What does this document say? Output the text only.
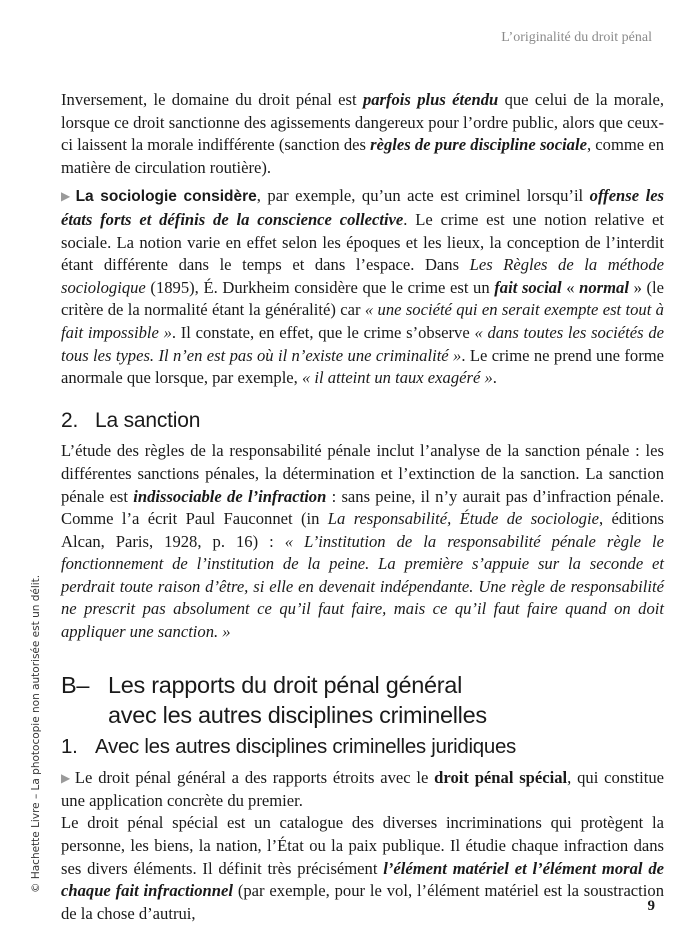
L’originalité du droit pénal

Inversement, le domaine du droit pénal est parfois plus étendu que celui de la morale, lorsque ce droit sanctionne des agissements dangereux pour l’ordre public, alors que ceux-ci laissent la morale indifférente (sanction des règles de pure discipline sociale, comme en matière de circulation routière).

▶ La sociologie considère, par exemple, qu’un acte est criminel lorsqu’il offense les états forts et définis de la conscience collective. Le crime est une notion relative et sociale. La notion varie en effet selon les époques et les lieux, la conception de l’interdit étant différente dans le temps et dans l’espace. Dans Les Règles de la méthode sociologique (1895), É. Durkheim considère que le crime est un fait social « normal » (le critère de la normalité étant la généralité) car « une société qui en serait exempte est tout à fait impossible ». Il constate, en effet, que le crime s’observe « dans toutes les sociétés de tous les types. Il n’en est pas où il n’existe une criminalité ». Le crime ne prend une forme anormale que lorsque, par exemple, « il atteint un taux exagéré ».

2. La sanction

L’étude des règles de la responsabilité pénale inclut l’analyse de la sanction pénale : les différentes sanctions pénales, la détermination et l’extinction de la sanction. La sanction pénale est indissociable de l’infraction : sans peine, il n’y aurait pas d’infraction pénale. Comme l’a écrit Paul Fauconnet (in La responsabilité, Étude de sociologie, éditions Alcan, Paris, 1928, p. 16) : « L’institution de la responsabilité pénale règle le fonctionnement de l’institution de la peine. La première s’appuie sur la seconde et perdrait toute raison d’être, si elle en devenait indépendante. Une règle de responsabilité ne prescrit pas absolument ce qu’il faut faire, mais ce qu’il faut faire quand on doit appliquer une sanction. »

B– Les rapports du droit pénal général
avec les autres disciplines criminelles
1. Avec les autres disciplines criminelles juridiques

▶ Le droit pénal général a des rapports étroits avec le droit pénal spécial, qui constitue une application concrète du premier.

Le droit pénal spécial est un catalogue des diverses incriminations qui protègent la personne, les biens, la nation, l’État ou la paix publique. Il étudie chaque infraction dans ses divers éléments. Il définit très précisément l’élément matériel et l’élément moral de chaque fait infractionnel (par exemple, pour le vol, l’élément matériel est la soustraction de la chose d’autrui,

© Hachette Livre – La photocopie non autorisée est un délit.
9
